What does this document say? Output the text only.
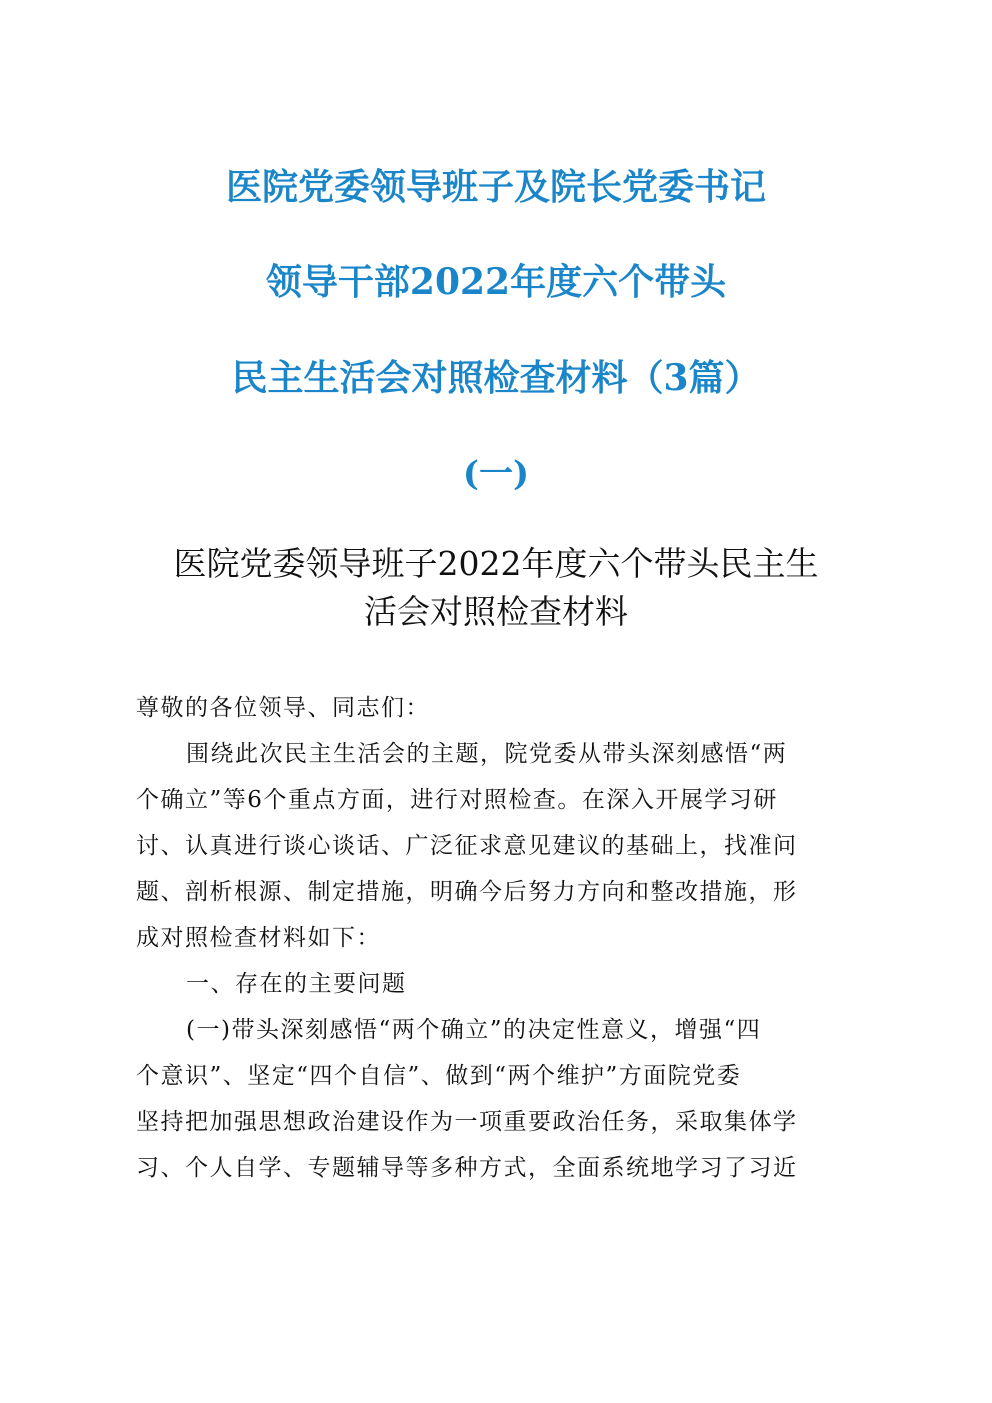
医院党委领导班子及院长党委书记
领导干部2022年度六个带头
民主生活会对照检查材料（3篇）
(一)
医院党委领导班子2022年度六个带头民主生
活会对照检查材料
尊敬的各位领导、同志们：
围绕此次民主生活会的主题，院党委从带头深刻感悟“两
个确立”等6个重点方面，进行对照检查。在深入开展学习研
讨、认真进行谈心谈话、广泛征求意见建议的基础上，找准问
题、剖析根源、制定措施，明确今后努力方向和整改措施，形
成对照检查材料如下：
一、存在的主要问题
(一)带头深刻感悟“两个确立”的决定性意义，增强“四
个意识”、坚定“四个自信”、做到“两个维护”方面院党委
坚持把加强思想政治建设作为一项重要政治任务，采取集体学
习、个人自学、专题辅导等多种方式，全面系统地学习了习近
